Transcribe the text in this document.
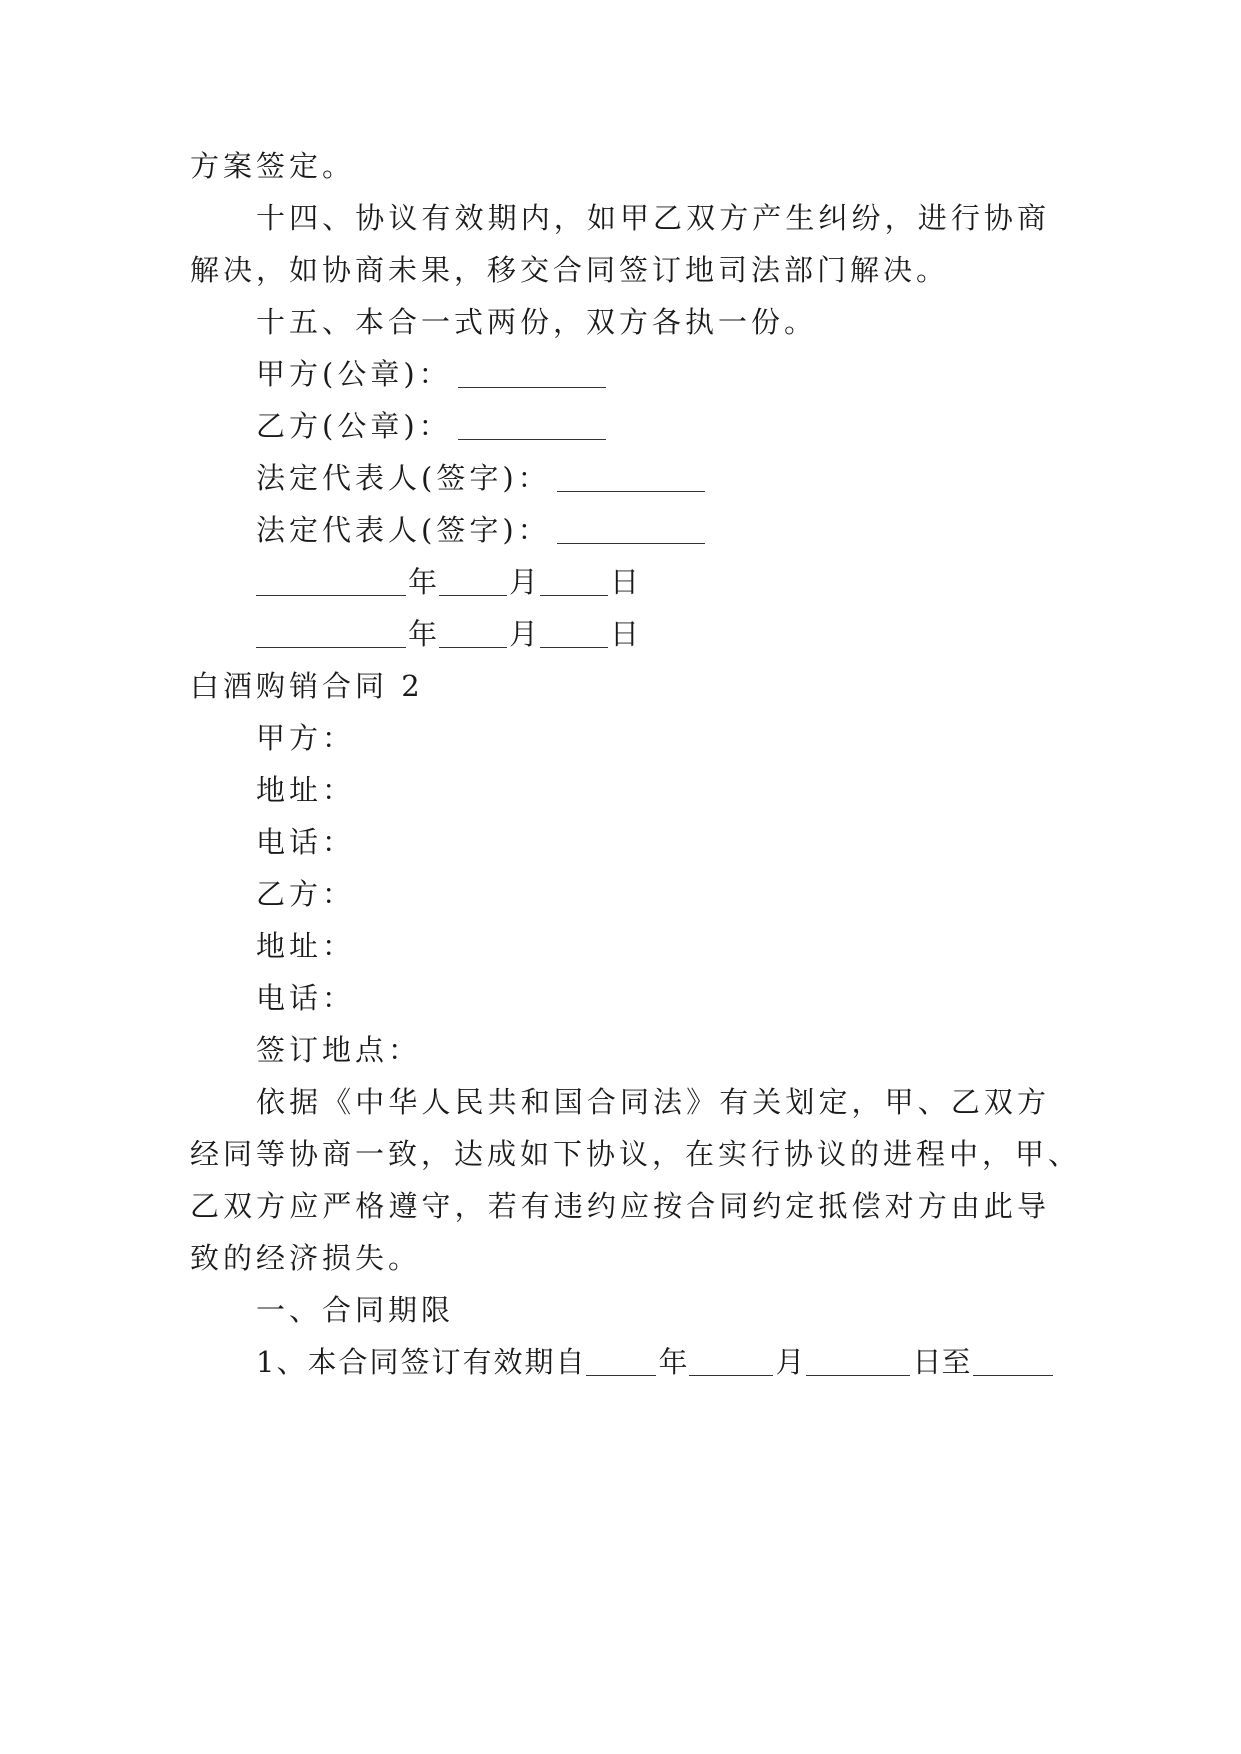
方案签定。
十四、协议有效期内，如甲乙双方产生纠纷，进行协商
解决，如协商未果，移交合同签订地司法部门解决。
十五、本合一式两份，双方各执一份。
甲方(公章)：
乙方(公章)：
法定代表人(签字)：
法定代表人(签字)：
年 月 日
年 月 日
白酒购销合同 2
甲方：
地址：
电话：
乙方：
地址：
电话：
签订地点：
依据《中华人民共和国合同法》有关划定，甲、乙双方
经同等协商一致，达成如下协议，在实行协议的进程中，甲、
乙双方应严格遵守，若有违约应按合同约定抵偿对方由此导
致的经济损失。
一、合同期限
1、本合同签订有效期自 年	月	日至
